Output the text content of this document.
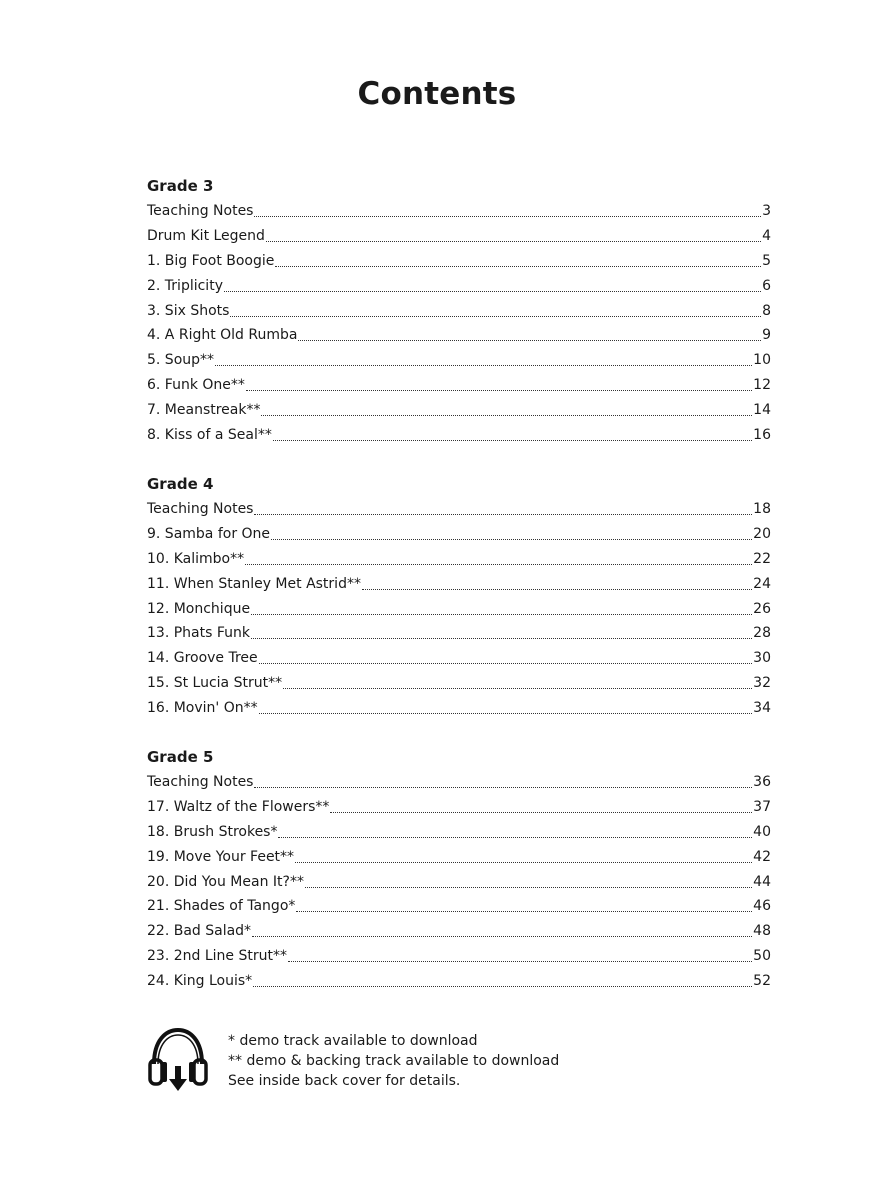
Contents
Grade 3
Teaching Notes	3
Drum Kit Legend	4
1. Big Foot Boogie	5
2. Triplicity	6
3. Six Shots	8
4. A Right Old Rumba	9
5. Soup**	10
6. Funk One**	12
7. Meanstreak**	14
8. Kiss of a Seal**	16
Grade 4
Teaching Notes	18
9. Samba for One	20
10. Kalimbo**	22
11. When Stanley Met Astrid**	24
12. Monchique	26
13. Phats Funk	28
14. Groove Tree	30
15. St Lucia Strut**	32
16. Movin' On**	34
Grade 5
Teaching Notes	36
17. Waltz of the Flowers**	37
18. Brush Strokes*	40
19. Move Your Feet**	42
20. Did You Mean It?**	44
21. Shades of Tango*	46
22. Bad Salad*	48
23. 2nd Line Strut**	50
24. King Louis*	52
* demo track available to download
** demo & backing track available to download
See inside back cover for details.
